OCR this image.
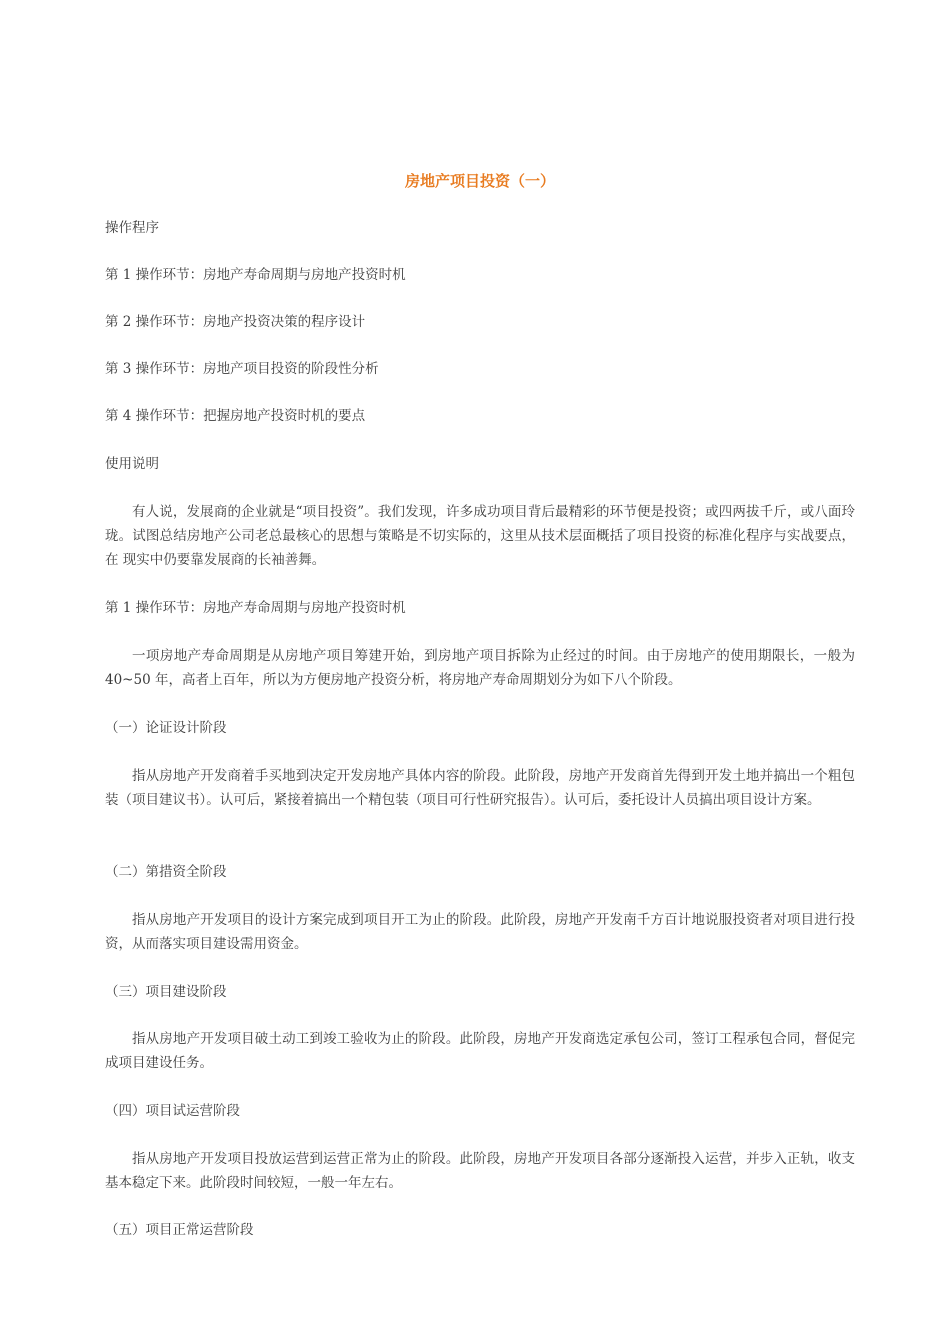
房地产项目投资（一）
操作程序
第 1 操作环节：房地产寿命周期与房地产投资时机
第 2 操作环节：房地产投资决策的程序设计
第 3 操作环节：房地产项目投资的阶段性分析
第 4 操作环节：把握房地产投资时机的要点
使用说明
有人说，发展商的企业就是“项目投资”。我们发现，许多成功项目背后最精彩的环节便是投资；或四两拔千斤，或八面玲珑。试图总结房地产公司老总最核心的思想与策略是不切实际的，这里从技术层面概括了项目投资的标准化程序与实战要点，在 现实中仍要靠发展商的长袖善舞。
第 1 操作环节：房地产寿命周期与房地产投资时机
一项房地产寿命周期是从房地产项目筹建开始，到房地产项目拆除为止经过的时间。由于房地产的使用期限长，一般为 40~50 年，高者上百年，所以为方便房地产投资分析，将房地产寿命周期划分为如下八个阶段。
（一）论证设计阶段
指从房地产开发商着手买地到决定开发房地产具体内容的阶段。此阶段，房地产开发商首先得到开发土地并搞出一个粗包装（项目建议书）。认可后，紧接着搞出一个精包装（项目可行性研究报告）。认可后，委托设计人员搞出项目设计方案。
（二）第措资全阶段
指从房地产开发项目的设计方案完成到项目开工为止的阶段。此阶段，房地产开发南千方百计地说服投资者对项目进行投资，从而落实项目建设需用资金。
（三）项目建设阶段
指从房地产开发项目破土动工到竣工验收为止的阶段。此阶段，房地产开发商选定承包公司，签订工程承包合同，督促完成项目建设任务。
（四）项目试运营阶段
指从房地产开发项目投放运营到运营正常为止的阶段。此阶段，房地产开发项目各部分逐渐投入运营，并步入正轨，收支基本稳定下来。此阶段时间较短，一般一年左右。
（五）项目正常运营阶段
